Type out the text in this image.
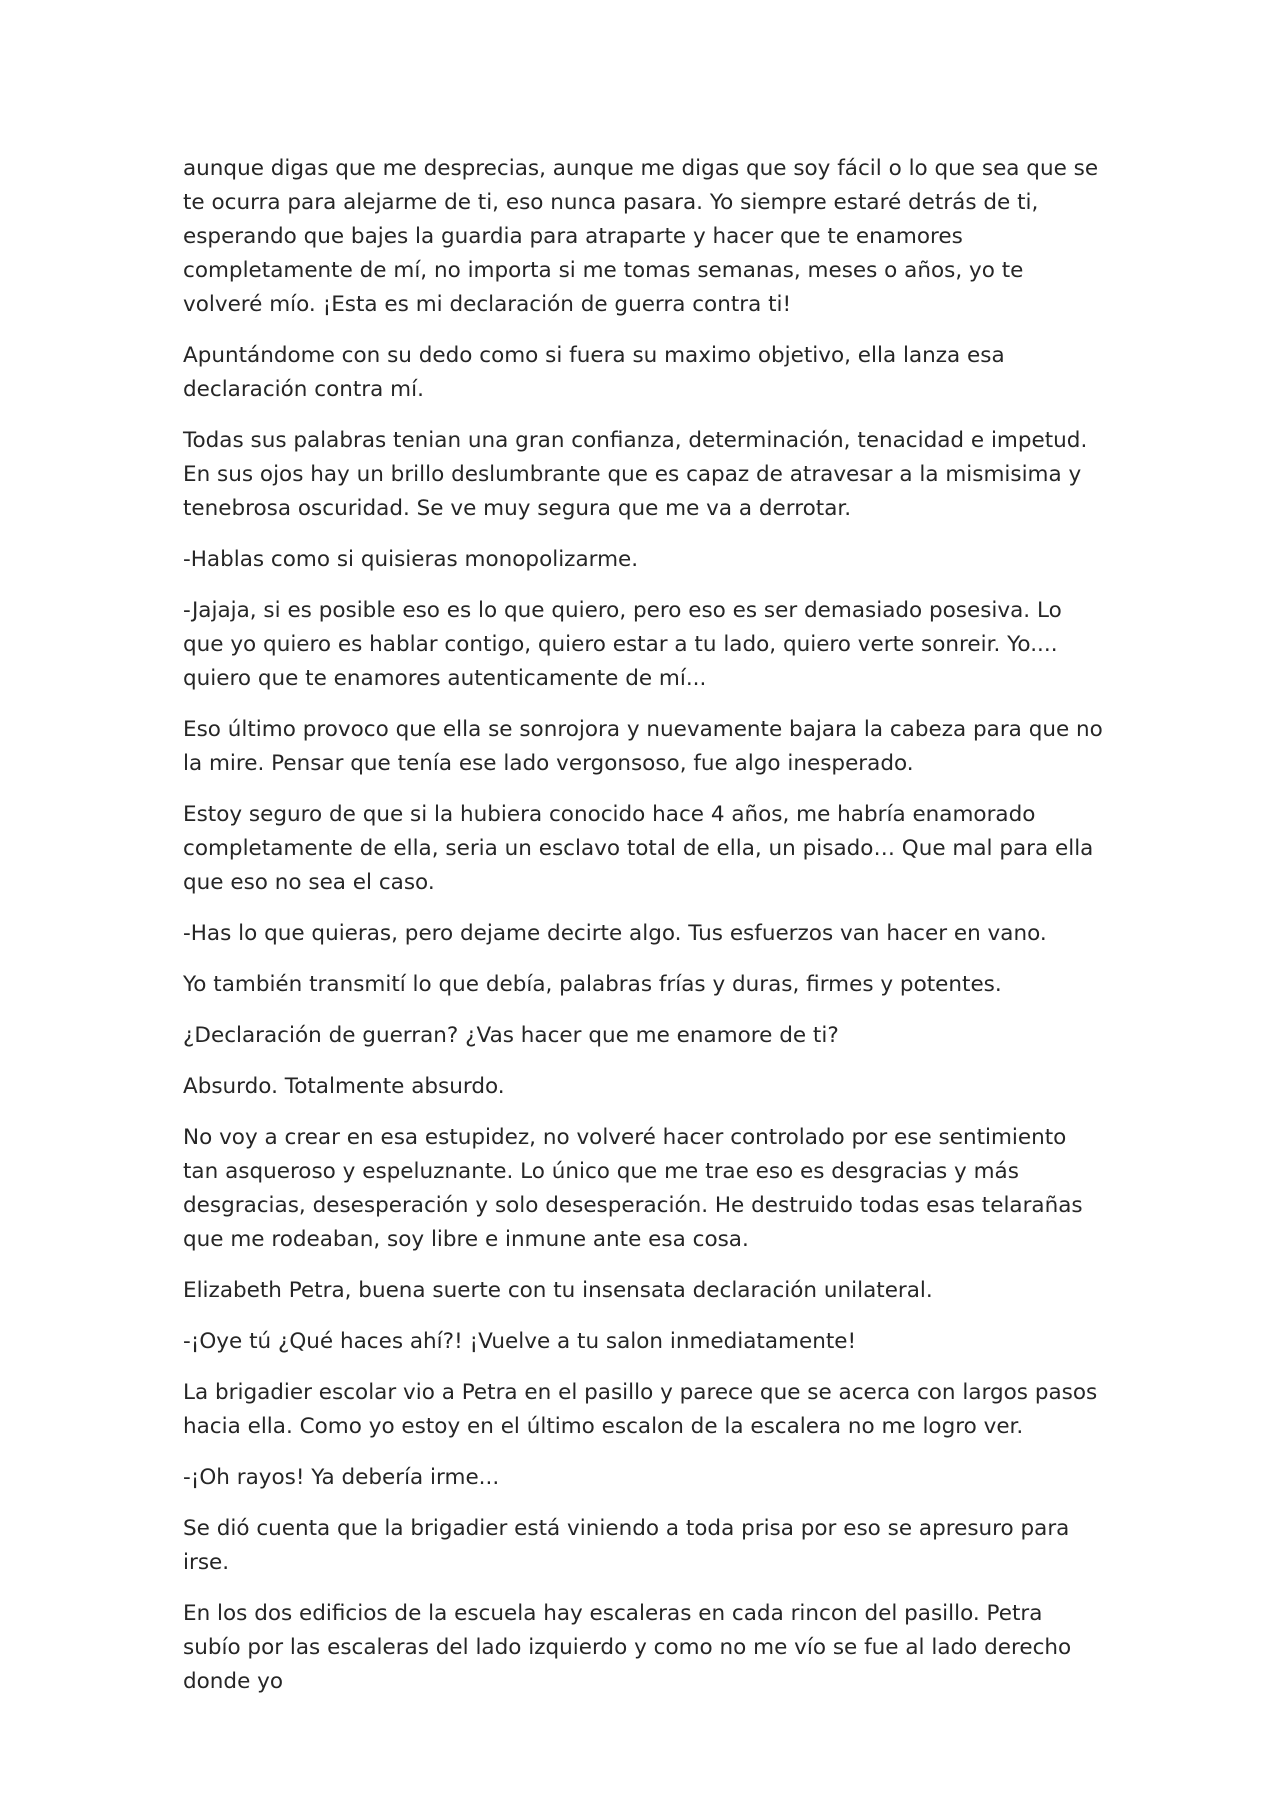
aunque digas que me desprecias, aunque me digas que soy fácil o lo que sea que se te ocurra para alejarme de ti, eso nunca pasara. Yo siempre estaré detrás de ti, esperando que bajes la guardia para atraparte y hacer que te enamores completamente de mí, no importa si me tomas semanas, meses o años, yo te volveré mío. ¡Esta es mi declaración de guerra contra ti!

Apuntándome con su dedo como si fuera su maximo objetivo, ella lanza esa declaración contra mí.

Todas sus palabras tenian una gran confianza, determinación, tenacidad e impetud. En sus ojos hay un brillo deslumbrante que es capaz de atravesar a la mismisima y tenebrosa oscuridad. Se ve muy segura que me va a derrotar.

-Hablas como si quisieras monopolizarme.

-Jajaja, si es posible eso es lo que quiero, pero eso es ser demasiado posesiva. Lo que yo quiero es hablar contigo, quiero estar a tu lado, quiero verte sonreir. Yo.... quiero que te enamores autenticamente de mí...

Eso último provoco que ella se sonrojora y nuevamente bajara la cabeza para que no la mire. Pensar que tenía ese lado vergonsoso, fue algo inesperado.

Estoy seguro de que si la hubiera conocido hace 4 años, me habría enamorado completamente de ella, seria un esclavo total de ella, un pisado… Que mal para ella que eso no sea el caso.

-Has lo que quieras, pero dejame decirte algo. Tus esfuerzos van hacer en vano.

Yo también transmití lo que debía, palabras frías y duras, firmes y potentes.

¿Declaración de guerran? ¿Vas hacer que me enamore de ti?

Absurdo. Totalmente absurdo.

No voy a crear en esa estupidez, no volveré hacer controlado por ese sentimiento tan asqueroso y espeluznante. Lo único que me trae eso es desgracias y más desgracias, desesperación y solo desesperación. He destruido todas esas telarañas que me rodeaban, soy libre e inmune ante esa cosa.

Elizabeth Petra, buena suerte con tu insensata declaración unilateral.

-¡Oye tú ¿Qué haces ahí?! ¡Vuelve a tu salon inmediatamente!

La brigadier escolar vio a Petra en el pasillo y parece que se acerca con largos pasos hacia ella. Como yo estoy en el último escalon de la escalera no me logro ver.

-¡Oh rayos! Ya debería irme...

Se dió cuenta que la brigadier está viniendo a toda prisa por eso se apresuro para irse.

En los dos edificios de la escuela hay escaleras en cada rincon del pasillo. Petra subío por las escaleras del lado izquierdo y como no me vío se fue al lado derecho donde yo
